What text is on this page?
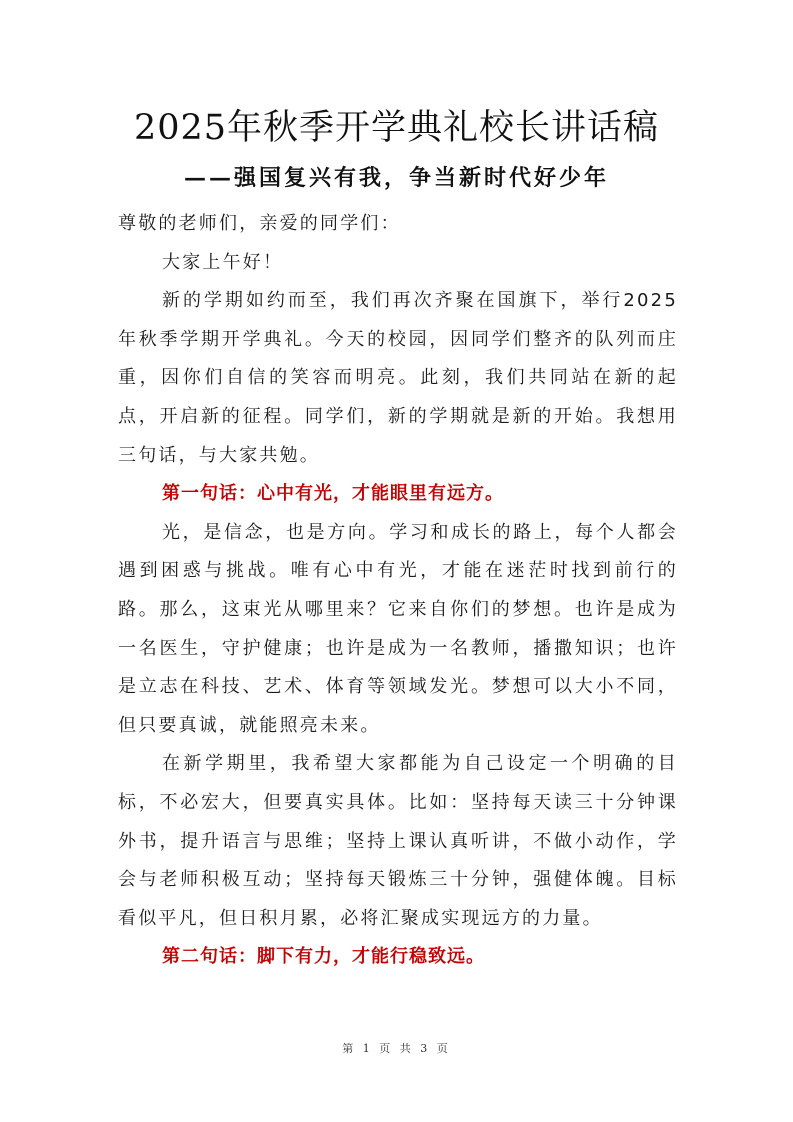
2025年秋季开学典礼校长讲话稿
——强国复兴有我，争当新时代好少年

尊敬的老师们，亲爱的同学们：

大家上午好！

新的学期如约而至，我们再次齐聚在国旗下，举行2025年秋季学期开学典礼。今天的校园，因同学们整齐的队列而庄重，因你们自信的笑容而明亮。此刻，我们共同站在新的起点，开启新的征程。同学们，新的学期就是新的开始。我想用三句话，与大家共勉。

第一句话：心中有光，才能眼里有远方。

光，是信念，也是方向。学习和成长的路上，每个人都会遇到困惑与挑战。唯有心中有光，才能在迷茫时找到前行的路。那么，这束光从哪里来？它来自你们的梦想。也许是成为一名医生，守护健康；也许是成为一名教师，播撒知识；也许是立志在科技、艺术、体育等领域发光。梦想可以大小不同，但只要真诚，就能照亮未来。

在新学期里，我希望大家都能为自己设定一个明确的目标，不必宏大，但要真实具体。比如：坚持每天读三十分钟课外书，提升语言与思维；坚持上课认真听讲，不做小动作，学会与老师积极互动；坚持每天锻炼三十分钟，强健体魄。目标看似平凡，但日积月累，必将汇聚成实现远方的力量。

第二句话：脚下有力，才能行稳致远。

第 1 页 共 3 页
